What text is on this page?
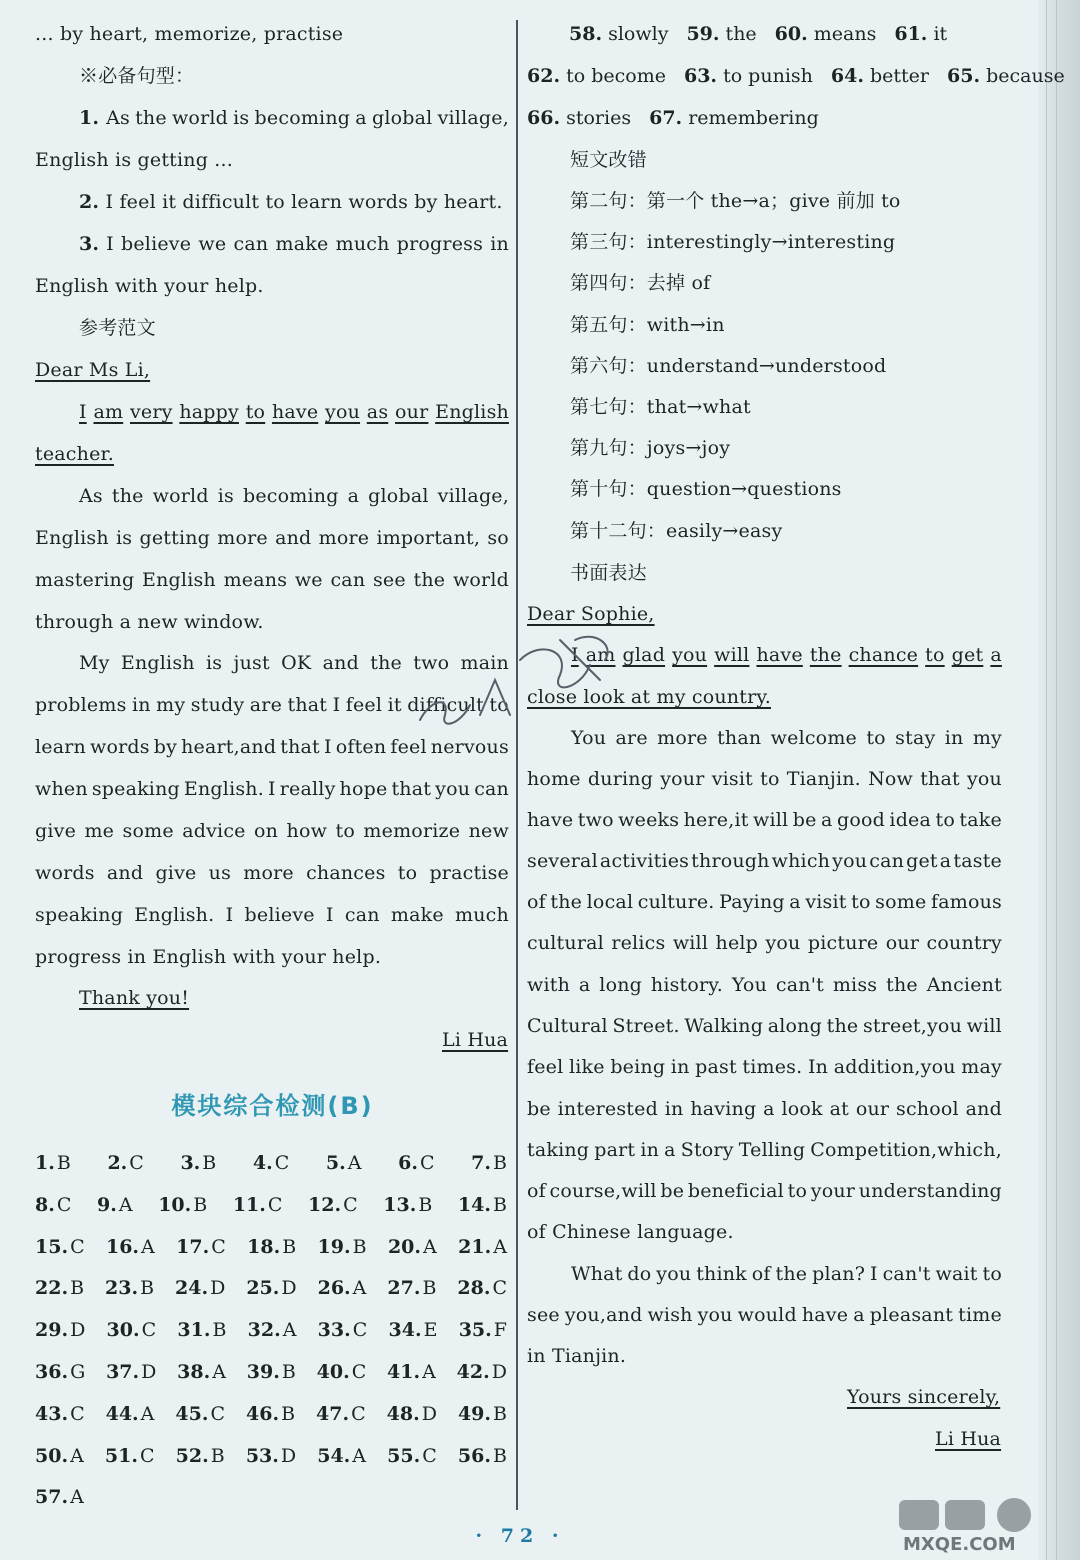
... by heart, memorize, practise
※必备句型：
1. As the world is becoming a global village,
English is getting ...
2. I feel it difficult to learn words by heart.
3. I believe we can make much progress in
English with your help.
参考范文
Dear Ms Li,
I am very happy to have you as our English
teacher.
As the world is becoming a global village,
English is getting more and more important, so
mastering English means we can see the world
through a new window.
My English is just OK and the two main
problems in my study are that I feel it difficult to
learn words by heart,and that I often feel nervous
when speaking English. I really hope that you can
give me some advice on how to memorize new
words and give us more chances to practise
speaking English. I believe I can make much
progress in English with your help.
Thank you!
Li Hua
模块综合检测(B)
1. B 2. C 3. B 4. C 5. A 6. C 7. B
8. C 9. A 10. B 11. C 12. C 13. B 14. B
15. C 16. A 17. C 18. B 19. B 20. A 21. A
22. B 23. B 24. D 25. D 26. A 27. B 28. C
29. D 30. C 31. B 32. A 33. C 34. E 35. F
36. G 37. D 38. A 39. B 40. C 41. A 42. D
43. C 44. A 45. C 46. B 47. C 48. D 49. B
50. A 51. C 52. B 53. D 54. A 55. C 56. B
57. A
58. slowly 59. the 60. means 61. it
62. to become 63. to punish 64. better 65. because
66. stories 67. remembering
短文改错
第二句：第一个 the→a；give 前加 to
第三句：interestingly→interesting
第四句：去掉 of
第五句：with→in
第六句：understand→understood
第七句：that→what
第九句：joys→joy
第十句：question→questions
第十二句：easily→easy
书面表达
Dear Sophie,
I am glad you will have the chance to get a
close look at my country.
You are more than welcome to stay in my
home during your visit to Tianjin. Now that you
have two weeks here,it will be a good idea to take
several activities through which you can get a taste
of the local culture. Paying a visit to some famous
cultural relics will help you picture our country
with a long history. You can't miss the Ancient
Cultural Street. Walking along the street,you will
feel like being in past times. In addition,you may
be interested in having a look at our school and
taking part in a Story Telling Competition,which,
of course,will be beneficial to your understanding
of Chinese language.
What do you think of the plan? I can't wait to
see you,and wish you would have a pleasant time
in Tianjin.
Yours sincerely,
Li Hua
· 72 ·	MXQE.COM
